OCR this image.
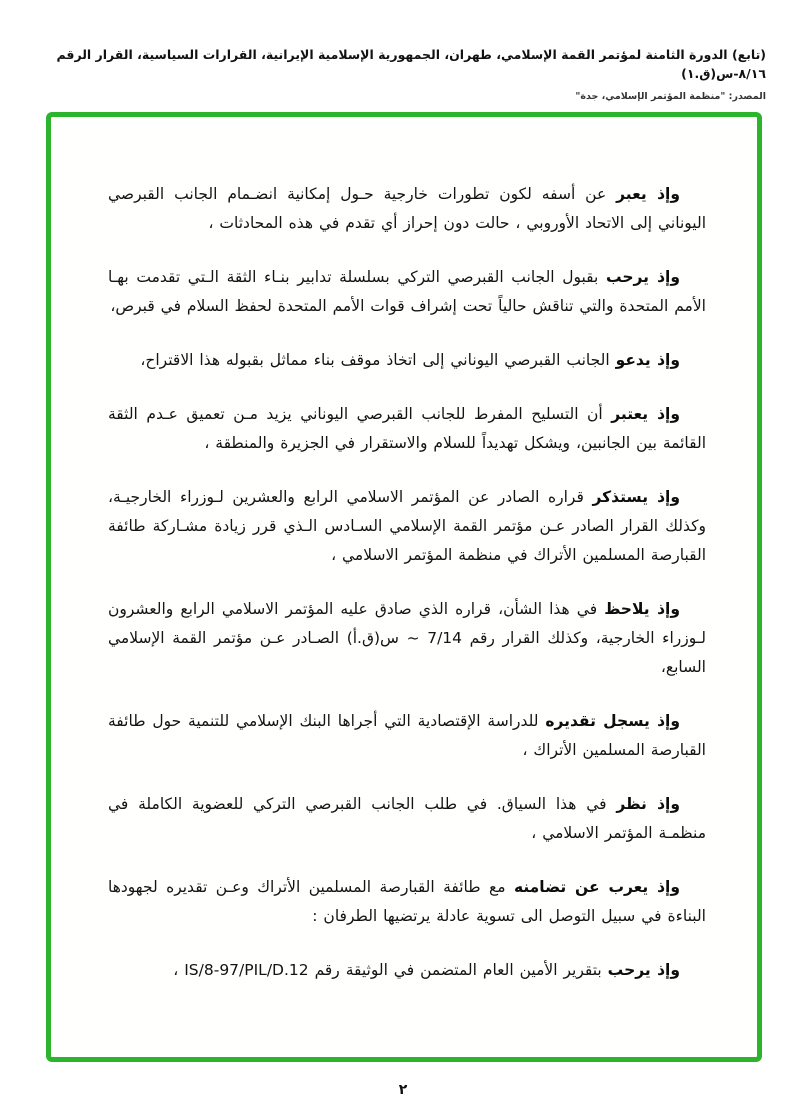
(تابع) الدورة الثامنة لمؤتمر القمة الإسلامي، طهران، الجمهورية الإسلامية الإيرانية، القرارات السياسية، القرار الرقم ٨/١٦-س(ق.١)
المصدر: "منظمة المؤتمر الإسلامي، جدة"

وإذ يعبر عن أسفه لكون تطورات خارجية حـول إمكانية انضـمام الجانب القبرصي اليوناني إلى الاتحاد الأوروبي ، حالت دون إحراز أي تقدم في هذه المحادثات ،

وإذ يرحب بقبول الجانب القبرصي التركي بسلسلة تدابير بنـاء الثقة الـتي تقدمت بهـا الأمم المتحدة والتي تناقش حالياً تحت إشراف قوات الأمم المتحدة لحفظ السلام في قبرص،

وإذ يدعو الجانب القبرصي اليوناني إلى اتخاذ موقف بناء مماثل بقبوله هذا الاقتراح،

وإذ يعتبر أن التسليح المفرط للجانب القبرصي اليوناني يزيد مـن تعميق عـدم الثقة القائمة بين الجانبين، ويشكل تهديداً للسلام والاستقرار في الجزيرة والمنطقة ،

وإذ يستذكر قراره الصادر عن المؤتمر الاسلامي الرابع والعشرين لـوزراء الخارجيـة، وكذلك القرار الصادر عـن مؤتمر القمة الإسلامي السـادس الـذي قرر زيادة مشـاركة طائفة القبارصة المسلمين الأتراك في منظمة المؤتمر الاسلامي ،

وإذ يلاحظ في هذا الشأن، قراره الذي صادق عليه المؤتمر الاسلامي الرابع والعشرون لـوزراء الخارجية، وكذلك القرار رقم 7/14 ~ س(ق.أ) الصـادر عـن مؤتمر القمة الإسلامي السابع،

وإذ يسجل تقديره للدراسة الإقتصادية التي أجراها البنك الإسلامي للتنمية حول طائفة القبارصة المسلمين الأتراك ،

وإذ نظر في هذا السياق. في طلب الجانب القبرصي التركي للعضوية الكاملة في منظمـة المؤتمر الاسلامي ،

وإذ يعرب عن تضامنه مع طائفة القبارصة المسلمين الأتراك وعـن تقديره لجهودها البناءة في سبيل التوصل الى تسوية عادلة يرتضيها الطرفان :

وإذ يرحب بتقرير الأمين العام المتضمن في الوثيقة رقم IS/8-97/PIL/D.12 ،

٢
